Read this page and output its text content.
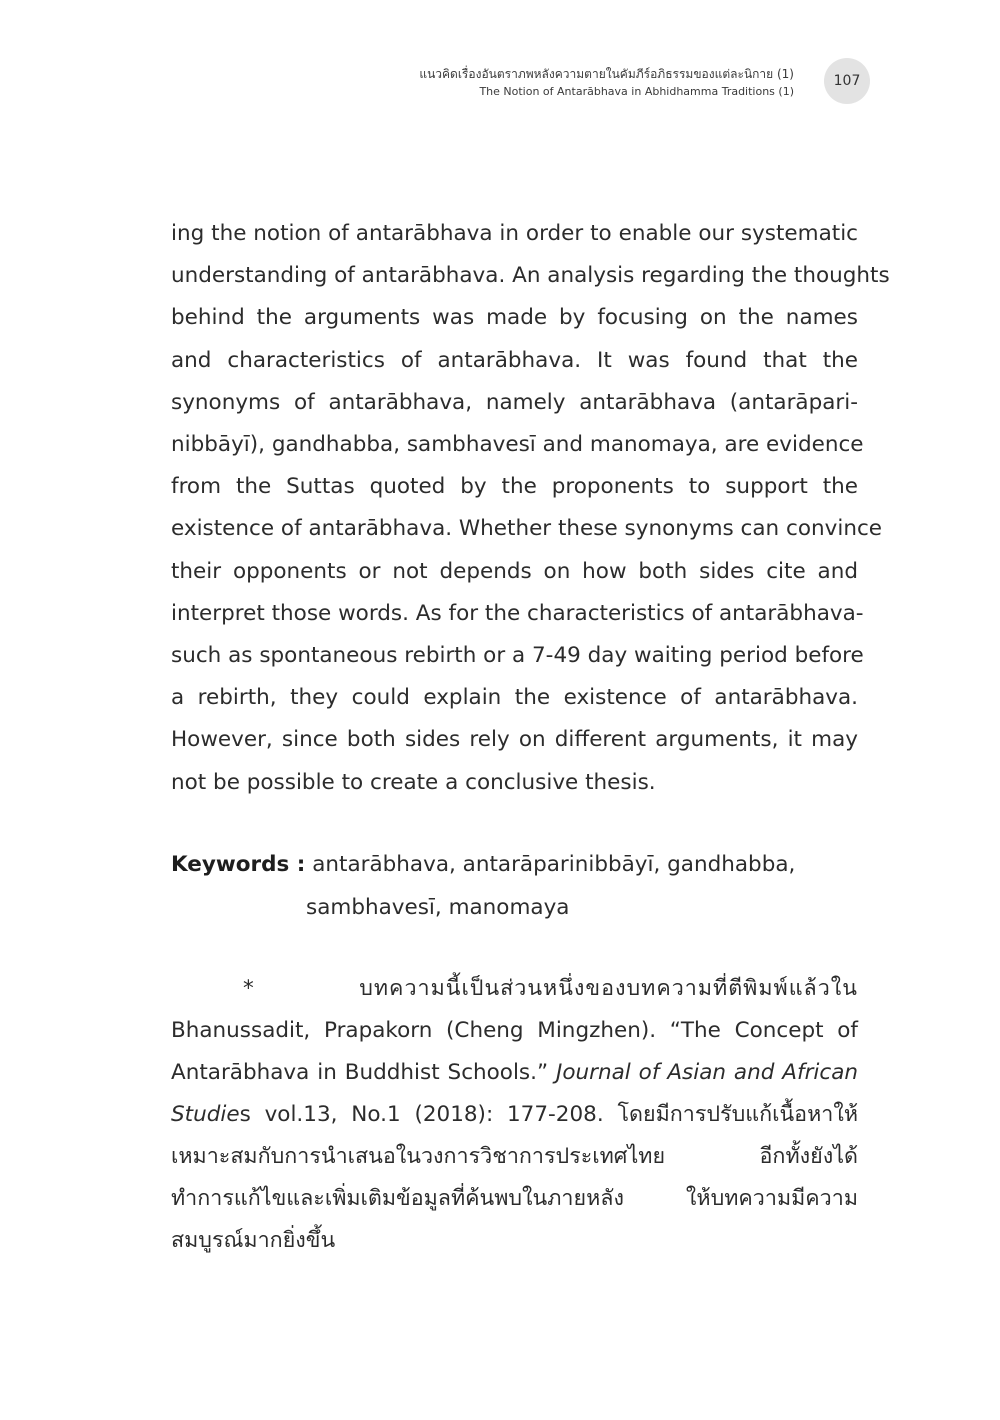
แนวคิดเรื่องอันตราภพหลังความตายในคัมภีร์อภิธรรมของแต่ละนิกาย (1)
The Notion of Antarābhava in Abhidhamma Traditions (1)
107
ing the notion of antarābhava in order to enable our systematic
understanding of antarābhava. An analysis regarding the thoughts
behind the arguments was made by focusing on the names
and characteristics of antarābhava. It was found that the
synonyms of antarābhava, namely antarābhava (antarāpari-
nibbāyī), gandhabba, sambhavesī and manomaya, are evidence
from the Suttas quoted by the proponents to support the
existence of antarābhava. Whether these synonyms can convince
their opponents or not depends on how both sides cite and
interpret those words. As for the characteristics of antarābhava-
such as spontaneous rebirth or a 7-49 day waiting period before
a rebirth, they could explain the existence of antarābhava.
However, since both sides rely on different arguments, it may
not be possible to create a conclusive thesis.
Keywords : antarābhava, antarāparinibbāyī, gandhabba,
sambhavesī, manomaya
* บทความนี้เป็นส่วนหนึ่งของบทความที่ตีพิมพ์แล้วใน
Bhanussadit, Prapakorn (Cheng Mingzhen). “The Concept of
Antarābhava in Buddhist Schools.” Journal of Asian and African
Studies vol.13, No.1 (2018): 177-208. โดยมีการปรับแก้เนื้อหาให้
เหมาะสมกับการนำเสนอในวงการวิชาการประเทศไทย อีกทั้งยังได้
ทำการแก้ไขและเพิ่มเติมข้อมูลที่ค้นพบในภายหลัง ให้บทความมีความ
สมบูรณ์มากยิ่งขึ้น
